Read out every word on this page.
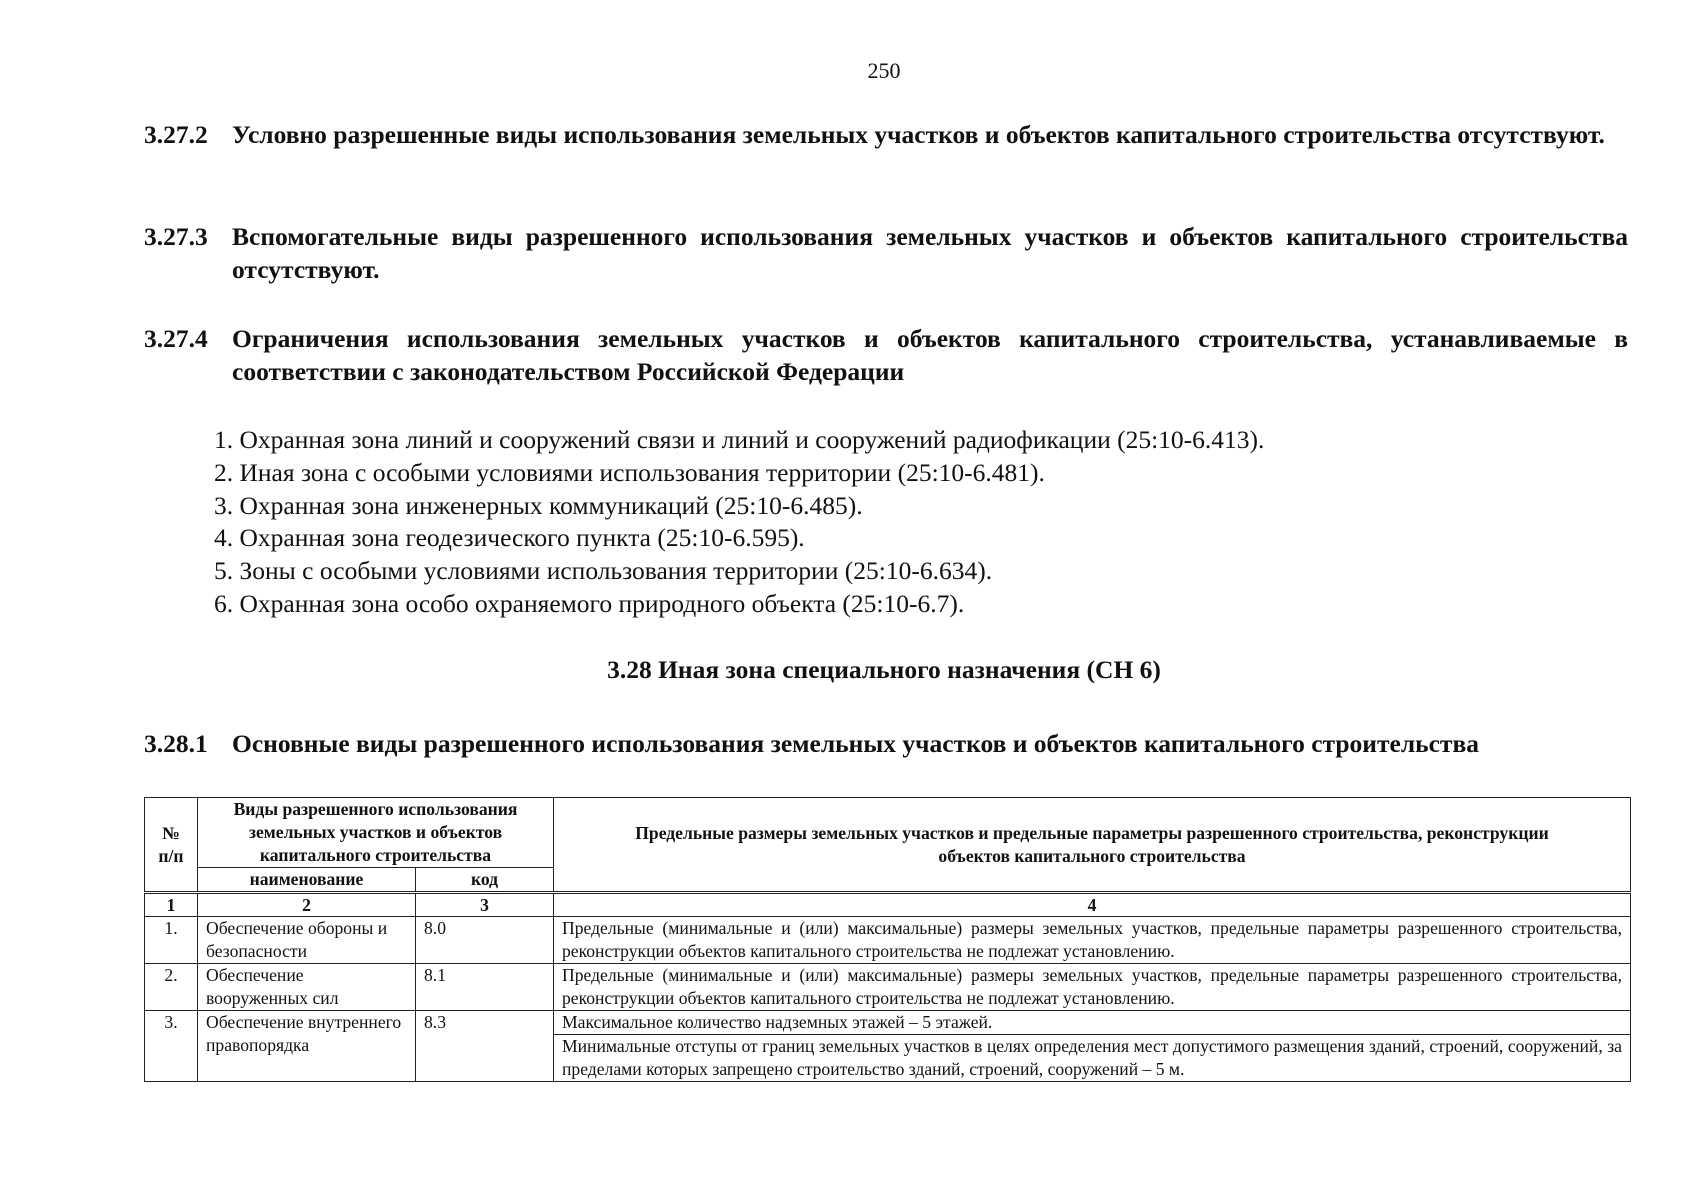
250
3.27.2 Условно разрешенные виды использования земельных участков и объектов капитального строительства отсутствуют.
3.27.3 Вспомогательные виды разрешенного использования земельных участков и объектов капитального строительства отсутствуют.
3.27.4 Ограничения использования земельных участков и объектов капитального строительства, устанавливаемые в соответствии с законодательством Российской Федерации
1. Охранная зона линий и сооружений связи и линий и сооружений радиофикации (25:10-6.413).
2. Иная зона с особыми условиями использования территории (25:10-6.481).
3. Охранная зона инженерных коммуникаций (25:10-6.485).
4. Охранная зона геодезического пункта (25:10-6.595).
5. Зоны с особыми условиями использования территории (25:10-6.634).
6. Охранная зона особо охраняемого природного объекта (25:10-6.7).
3.28 Иная зона специального назначения (СН 6)
3.28.1 Основные виды разрешенного использования земельных участков и объектов капитального строительства
№ п/п	Виды разрешенного использования земельных участков и объектов капитального строительства		Предельные размеры земельных участков и предельные параметры разрешенного строительства, реконструкции объектов капитального строительства
	наименование	код	
1	2	3	4
1.	Обеспечение обороны и безопасности	8.0	Предельные (минимальные и (или) максимальные) размеры земельных участков, предельные параметры разрешенного строительства, реконструкции объектов капитального строительства не подлежат установлению.
2.	Обеспечение вооруженных сил	8.1	Предельные (минимальные и (или) максимальные) размеры земельных участков, предельные параметры разрешенного строительства, реконструкции объектов капитального строительства не подлежат установлению.
3.	Обеспечение внутреннего правопорядка	8.3	Максимальное количество надземных этажей – 5 этажей.
			Минимальные отступы от границ земельных участков в целях определения мест допустимого размещения зданий, строений, сооружений, за пределами которых запрещено строительство зданий, строений, сооружений – 5 м.
